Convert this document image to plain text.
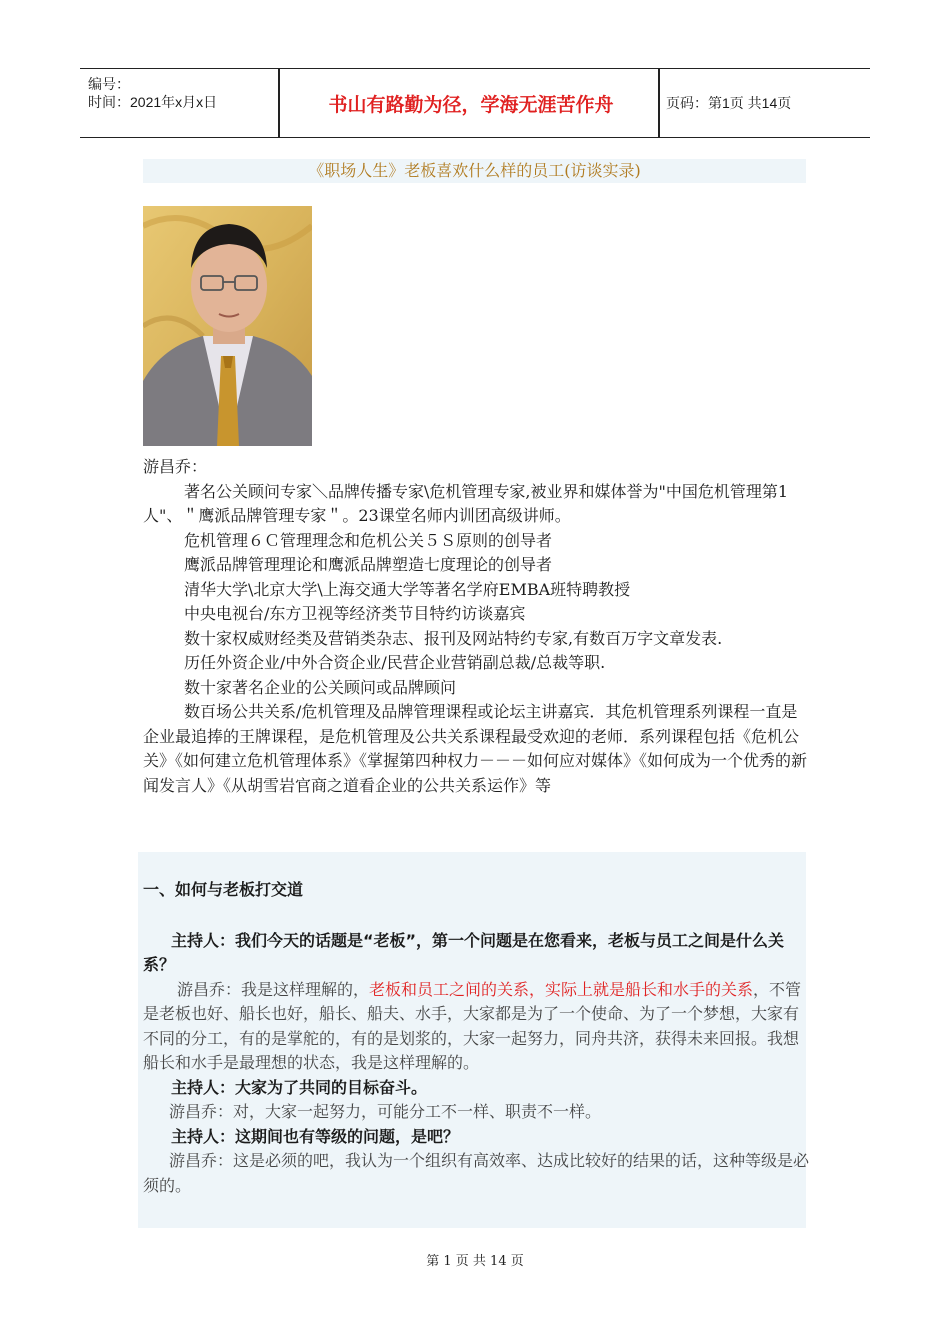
编号：
时间：2021年x月x日	书山有路勤为径，学海无涯苦作舟	页码：第1页 共14页
《职场人生》老板喜欢什么样的员工(访谈实录)

游昌乔：

著名公关顾问专家＼品牌传播专家\危机管理专家,被业界和媒体誉为"中国危机管理第1人"、＂鹰派品牌管理专家＂。23课堂名师内训团高级讲师。

危机管理６Ｃ管理理念和危机公关５Ｓ原则的创导者

鹰派品牌管理理论和鹰派品牌塑造七度理论的创导者

清华大学\北京大学\上海交通大学等著名学府EMBA班特聘教授

中央电视台/东方卫视等经济类节目特约访谈嘉宾

数十家权威财经类及营销类杂志、报刊及网站特约专家,有数百万字文章发表.

历任外资企业/中外合资企业/民营企业营销副总裁/总裁等职.

数十家著名企业的公关顾问或品牌顾问

数百场公共关系/危机管理及品牌管理课程或论坛主讲嘉宾．其危机管理系列课程一直是企业最追捧的王牌课程，是危机管理及公共关系课程最受欢迎的老师．系列课程包括《危机公关》《如何建立危机管理体系》《掌握第四种权力－－－如何应对媒体》《如何成为一个优秀的新闻发言人》《从胡雪岩官商之道看企业的公共关系运作》等

一、如何与老板打交道

主持人：我们今天的话题是“老板”，第一个问题是在您看来，老板与员工之间是什么关系？

游昌乔：我是这样理解的，老板和员工之间的关系，实际上就是船长和水手的关系，不管是老板也好、船长也好，船长、船夫、水手，大家都是为了一个使命、为了一个梦想，大家有不同的分工，有的是掌舵的，有的是划浆的，大家一起努力，同舟共济，获得未来回报。我想船长和水手是最理想的状态，我是这样理解的。

主持人：大家为了共同的目标奋斗。

游昌乔：对，大家一起努力，可能分工不一样、职责不一样。

主持人：这期间也有等级的问题，是吧？

游昌乔：这是必须的吧，我认为一个组织有高效率、达成比较好的结果的话，这种等级是必须的。

第 1 页 共 14 页
